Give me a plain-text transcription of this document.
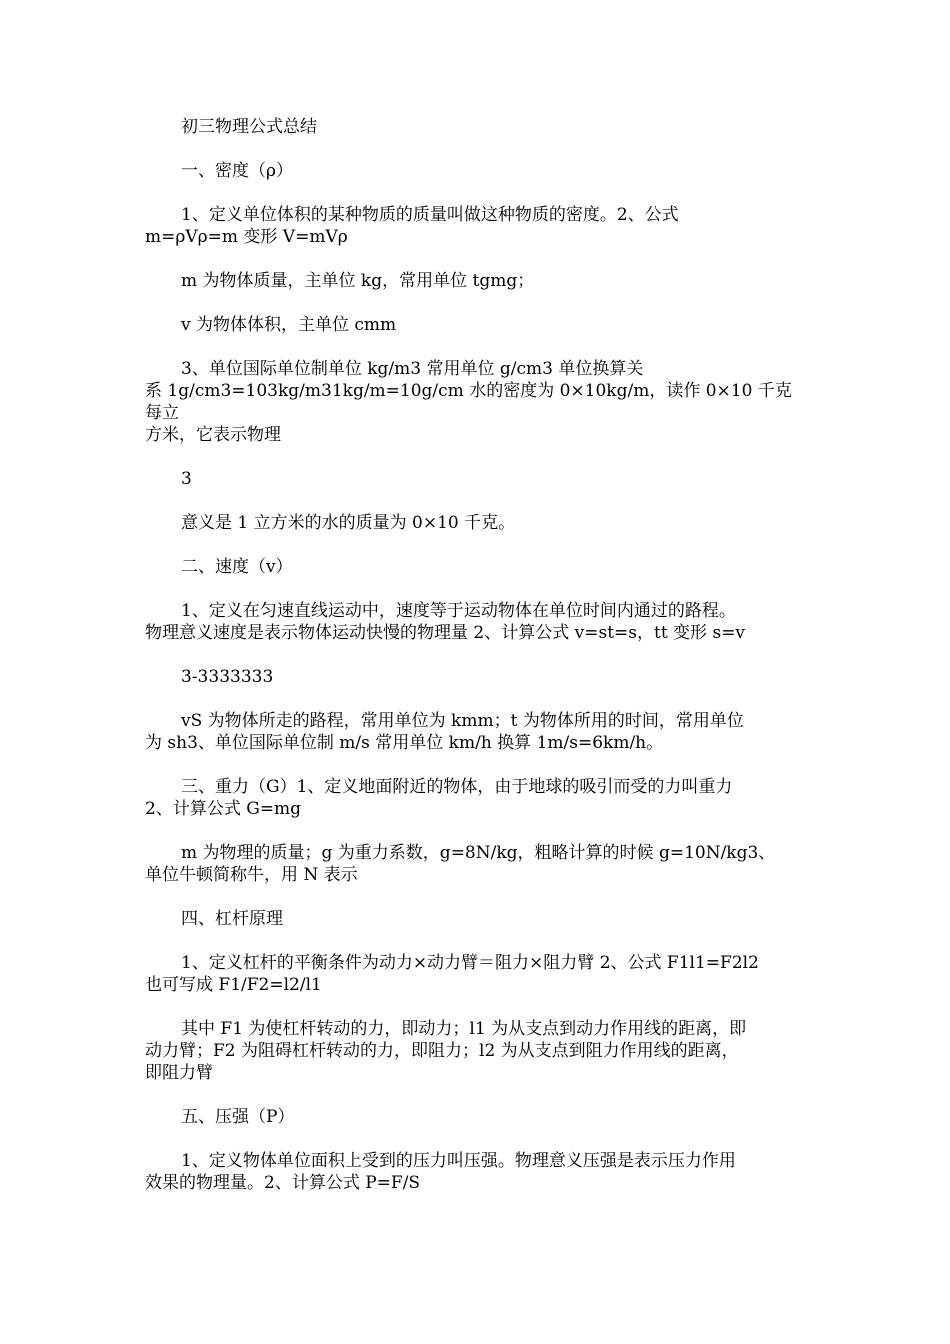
初三物理公式总结

一、密度（ρ）

1、定义单位体积的某种物质的质量叫做这种物质的密度。2、公式
m=ρVρ=m 变形 V=mVρ

m 为物体质量，主单位 kg，常用单位 tgmg；

v 为物体体积，主单位 cmm

3、单位国际单位制单位 kg/m3 常用单位 g/cm3 单位换算关
系 1g/cm3=103kg/m31kg/m=10g/cm 水的密度为 0×10kg/m，读作 0×10 千克每立
方米，它表示物理

3

意义是 1 立方米的水的质量为 0×10 千克。

二、速度（v）

1、定义在匀速直线运动中，速度等于运动物体在单位时间内通过的路程。
物理意义速度是表示物体运动快慢的物理量 2、计算公式 v=st=s，tt 变形 s=v

3-3333333

vS 为物体所走的路程，常用单位为 kmm；t 为物体所用的时间，常用单位
为 sh3、单位国际单位制 m/s 常用单位 km/h 换算 1m/s=6km/h。

三、重力（G）1、定义地面附近的物体，由于地球的吸引而受的力叫重力
2、计算公式 G=mg

m 为物理的质量；g 为重力系数，g=8N/kg，粗略计算的时候 g=10N/kg3、
单位牛顿简称牛，用 N 表示

四、杠杆原理

1、定义杠杆的平衡条件为动力×动力臂＝阻力×阻力臂 2、公式 F1l1=F2l2
也可写成 F1/F2=l2/l1

其中 F1 为使杠杆转动的力，即动力；l1 为从支点到动力作用线的距离，即
动力臂；F2 为阻碍杠杆转动的力，即阻力；l2 为从支点到阻力作用线的距离，
即阻力臂

五、压强（P）

1、定义物体单位面积上受到的压力叫压强。物理意义压强是表示压力作用
效果的物理量。2、计算公式 P=F/S
